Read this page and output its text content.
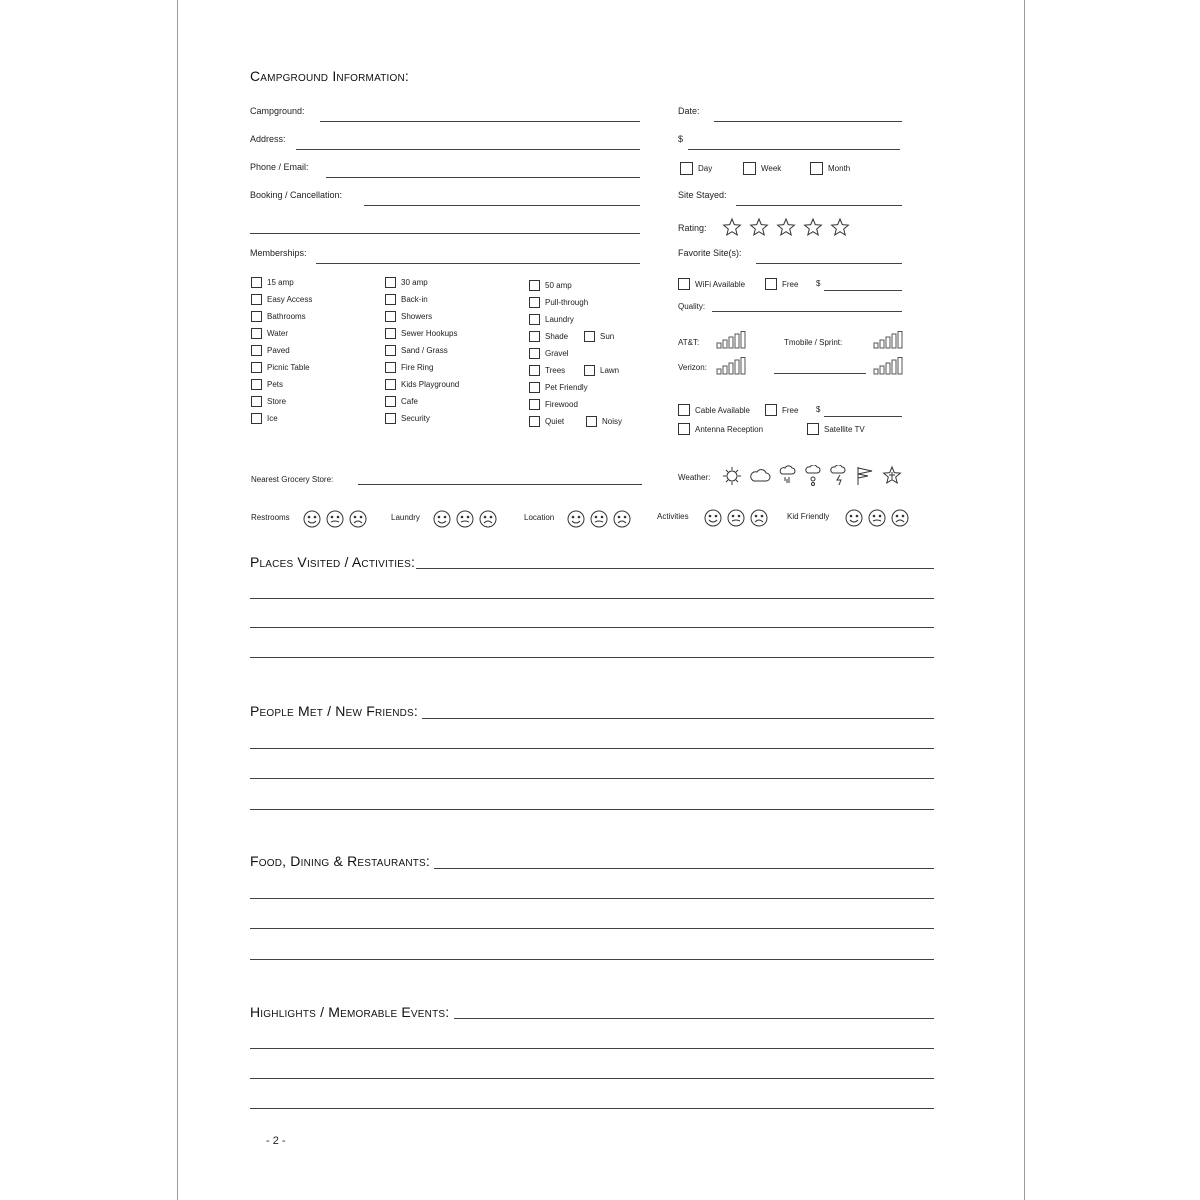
Campground Information:
Campground:
Address:
Phone / Email:
Booking / Cancellation:
Memberships:
Date:
$
Day	Week	Month
Site Stayed:
Rating:
Favorite Site(s):
WiFi Available	Free $
Quality:
AT&T:	Tmobile / Sprint:
Verizon:
Cable Available	Free $
Antenna Reception	Satellite TV
15 amp
Easy Access
Bathrooms
Water
Paved
Picnic Table
Pets
Store
Ice
30 amp
Back-in
Showers
Sewer Hookups
Sand / Grass
Fire Ring
Kids Playground
Cafe
Security
50 amp
Pull-through
Laundry
Shade	Sun
Gravel
Trees	Lawn
Pet Friendly
Firewood
Quiet	Noisy
Nearest Grocery Store:	Weather:
Restrooms	Laundry	Location	Activities	Kid Friendly
Places Visited / Activities:
People Met / New Friends:
Food, Dining & Restaurants:
Highlights / Memorable Events:
- 2 -
